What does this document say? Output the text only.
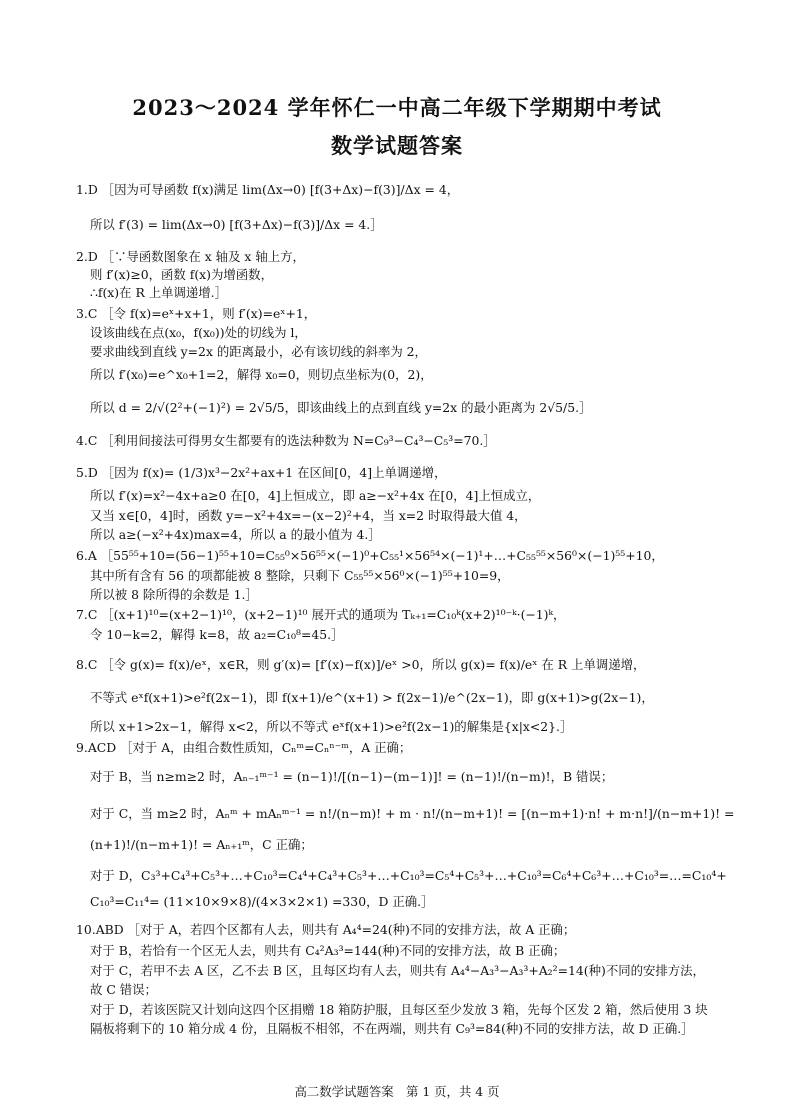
2023～2024 学年怀仁一中高二年级下学期期中考试
数学试题答案
1.D ［因为可导函数 f(x)满足 lim(Δx→0) [f(3+Δx)−f(3)]/Δx = 4，
所以 f′(3) = lim(Δx→0) [f(3+Δx)−f(3)]/Δx = 4.］
2.D ［∵导函数图象在 x 轴及 x 轴上方，
则 f′(x)≥0，函数 f(x)为增函数，
∴f(x)在 R 上单调递增.］
3.C ［令 f(x)=eˣ+x+1，则 f′(x)=eˣ+1，
设该曲线在点(x₀，f(x₀))处的切线为 l，
要求曲线到直线 y=2x 的距离最小，必有该切线的斜率为 2，
所以 f′(x₀)=e^x₀+1=2，解得 x₀=0，则切点坐标为(0，2)，
所以 d = 2/√(2²+(−1)²) = 2√5/5，即该曲线上的点到直线 y=2x 的最小距离为 2√5/5.］
4.C ［利用间接法可得男女生都要有的选法种数为 N=C₉³−C₄³−C₅³=70.］
5.D ［因为 f(x)= (1/3)x³−2x²+ax+1 在区间[0，4]上单调递增，
所以 f′(x)=x²−4x+a≥0 在[0，4]上恒成立，即 a≥−x²+4x 在[0，4]上恒成立，
又当 x∈[0，4]时，函数 y=−x²+4x=−(x−2)²+4，当 x=2 时取得最大值 4，
所以 a≥(−x²+4x)max=4，所以 a 的最小值为 4.］
6.A ［55⁵⁵+10=(56−1)⁵⁵+10=C₅₅⁰×56⁵⁵×(−1)⁰+C₅₅¹×56⁵⁴×(−1)¹+…+C₅₅⁵⁵×56⁰×(−1)⁵⁵+10，
其中所有含有 56 的项都能被 8 整除，只剩下 C₅₅⁵⁵×56⁰×(−1)⁵⁵+10=9，
所以被 8 除所得的余数是 1.］
7.C ［(x+1)¹⁰=(x+2−1)¹⁰，(x+2−1)¹⁰ 展开式的通项为 Tₖ₊₁=C₁₀ᵏ(x+2)¹⁰⁻ᵏ·(−1)ᵏ，
令 10−k=2，解得 k=8，故 a₂=C₁₀⁸=45.］
8.C ［令 g(x)= f(x)/eˣ，x∈R，则 g′(x)= [f′(x)−f(x)]/eˣ >0，所以 g(x)= f(x)/eˣ 在 R 上单调递增，
不等式 eˣf(x+1)>e²f(2x−1)，即 f(x+1)/e^(x+1) > f(2x−1)/e^(2x−1)，即 g(x+1)>g(2x−1)，
所以 x+1>2x−1，解得 x<2，所以不等式 eˣf(x+1)>e²f(2x−1)的解集是{x|x<2}.］
9.ACD ［对于 A，由组合数性质知，Cₙᵐ=Cₙⁿ⁻ᵐ，A 正确；
对于 B，当 n≥m≥2 时，Aₙ₋₁ᵐ⁻¹ = (n−1)!/[(n−1)−(m−1)]! = (n−1)!/(n−m)!，B 错误；
对于 C，当 m≥2 时，Aₙᵐ + mAₙᵐ⁻¹ = n!/(n−m)! + m · n!/(n−m+1)! = [(n−m+1)·n! + m·n!]/(n−m+1)! =
(n+1)!/(n−m+1)! = Aₙ₊₁ᵐ，C 正确；
对于 D，C₃³+C₄³+C₅³+…+C₁₀³=C₄⁴+C₄³+C₅³+…+C₁₀³=C₅⁴+C₅³+…+C₁₀³=C₆⁴+C₆³+…+C₁₀³=…=C₁₀⁴+
C₁₀³=C₁₁⁴= (11×10×9×8)/(4×3×2×1) =330，D 正确.］
10.ABD ［对于 A，若四个区都有人去，则共有 A₄⁴=24(种)不同的安排方法，故 A 正确；
对于 B，若恰有一个区无人去，则共有 C₄²A₃³=144(种)不同的安排方法，故 B 正确；
对于 C，若甲不去 A 区，乙不去 B 区，且每区均有人去，则共有 A₄⁴−A₃³−A₃³+A₂²=14(种)不同的安排方法，
故 C 错误；
对于 D，若该医院又计划向这四个区捐赠 18 箱防护服，且每区至少发放 3 箱，先每个区发 2 箱，然后使用 3 块
隔板将剩下的 10 箱分成 4 份，且隔板不相邻，不在两端，则共有 C₉³=84(种)不同的安排方法，故 D 正确.］
高二数学试题答案　第 1 页，共 4 页
